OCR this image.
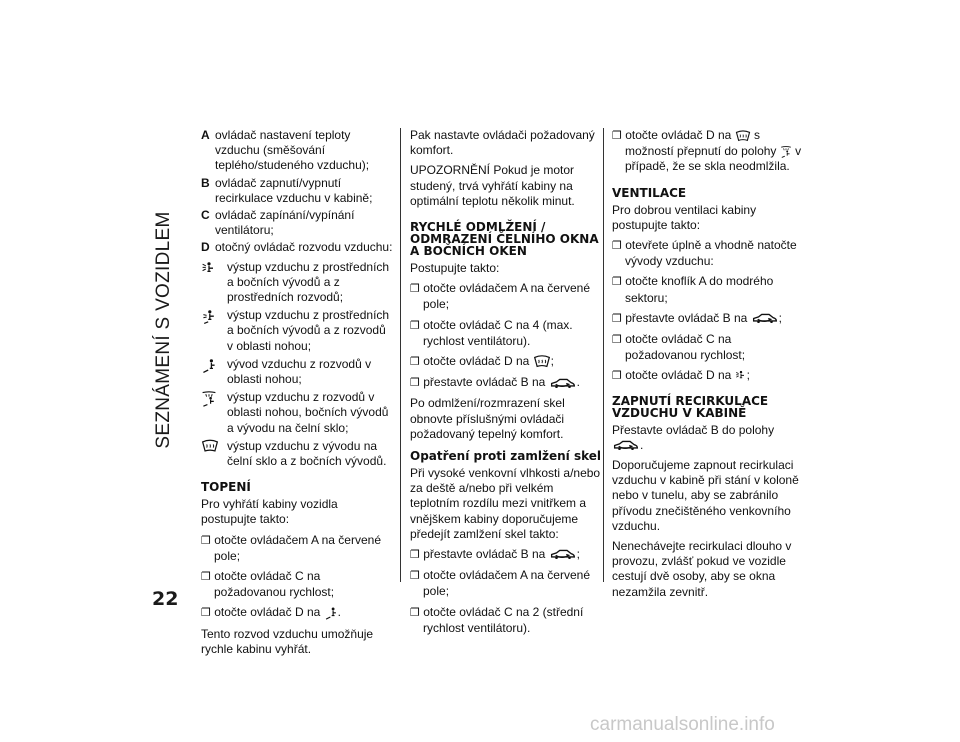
SEZNÁMENÍ S VOZIDLEM
22
A ovládač nastavení teploty vzduchu (směšování teplého/studeného vzduchu);
B ovládač zapnutí/vypnutí recirkulace vzduchu v kabině;
C ovládač zapínání/vypínání ventilátoru;
D otočný ovládač rozvodu vzduchu:
výstup vzduchu z prostředních a bočních vývodů a z prostředních rozvodů;
výstup vzduchu z prostředních a bočních vývodů a z rozvodů v oblasti nohou;
vývod vzduchu z rozvodů v oblasti nohou;
výstup vzduchu z rozvodů v oblasti nohou, bočních vývodů a vývodu na čelní sklo;
výstup vzduchu z vývodu na čelní sklo a z bočních vývodů.
TOPENÍ

Pro vyhřátí kabiny vozidla postupujte takto:

❐ otočte ovládačem A na červené pole;

❐ otočte ovládač C na požadovanou rychlost;

❐ otočte ovládač D na .

Tento rozvod vzduchu umožňuje rychle kabinu vyhřát.

Pak nastavte ovládači požadovaný komfort.

UPOZORNĚNÍ Pokud je motor studený, trvá vyhřátí kabiny na optimální teplotu několik minut.

RYCHLÉ ODMLŽENÍ / ODMRAZENÍ ČELNÍHO OKNA A BOČNÍCH OKEN

Postupujte takto:

❐ otočte ovládačem A na červené pole;

❐ otočte ovládač C na 4 (max. rychlost ventilátoru).

❐ otočte ovládač D na ;

❐ přestavte ovládač B na	.

Po odmlžení/rozmrazení skel obnovte příslušnými ovládači požadovaný tepelný komfort.

Opatření proti zamlžení skel

Při vysoké venkovní vlhkosti a/nebo za deště a/nebo při velkém teplotním rozdílu mezi vnitřkem a vnějškem kabiny doporučujeme předejít zamlžení skel takto:

❐ přestavte ovládač B na	;

❐ otočte ovládačem A na červené pole;

❐ otočte ovládač C na 2 (střední rychlost ventilátoru).

❐ otočte ovládač D na s možností přepnutí do polohy v případě, že se skla neodmlžila.

VENTILACE

Pro dobrou ventilaci kabiny postupujte takto:

❐ otevřete úplně a vhodně natočte vývody vzduchu:

❐ otočte knoflík A do modrého sektoru;

❐ přestavte ovládač B na	;

❐ otočte ovládač C na požadovanou rychlost;

❐ otočte ovládač D na ;

ZAPNUTÍ RECIRKULACE VZDUCHU V KABINĚ

Přestavte ovládač B do polohy .

Doporučujeme zapnout recirkulaci vzduchu v kabině při stání v koloně nebo v tunelu, aby se zabránilo přívodu znečištěného venkovního vzduchu.

Nenechávejte recirkulaci dlouho v provozu, zvlášť pokud ve vozidle cestují dvě osoby, aby se okna nezamžila zevnitř.

carmanualsonline.info
